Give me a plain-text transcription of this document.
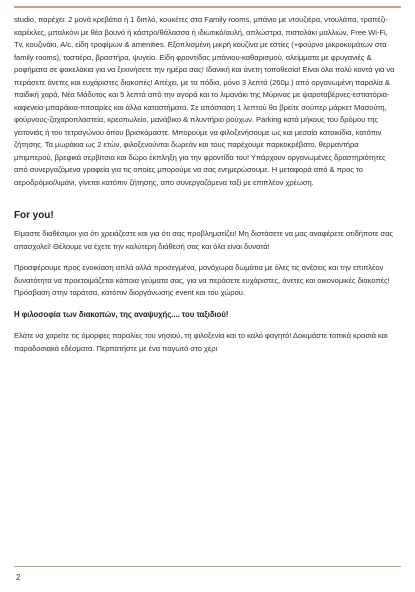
studio, παρέχει: 2 μονά κρεβάτια ή 1 διπλό, κουκέτες στα Family rooms, μπάνιο με ντουζιέρα, ντουλάπα, τραπέζι-καρέκλες, μπαλκόνι με θέα βουνό ή κάστρο/θάλασσα ή ιδιωτικό/αυλή, απλώστρα, πιστολάκι μαλλιών, Free Wi-Fi, Tv, κουζινάκι, A/c, είδη τροφίμων & amenities. Εξοπλισμένη μικρή κουζίνα με εστίες (+φούρνο μικροκυμάτων στα family rooms), τοστιέρα, βραστήρα, ψυγείο. Είδη φροντίδας μπάνιου-καθαρισμού, αλείμματα με φρυγανιές & ροφήματα σε φακελάκια για να ξεκινήσετε την ημέρα σας! Ιδανική και άνετη τοποθεσία! Είναι όλα πολύ κοντά για να περάσετε άνετες και ευχάριστες διακοπές! Απέχει, με τα πόδια, μόνο 3 λεπτά (260μ.) από οργανωμένη παραλία & παιδική χαρά, Νέα Μάδυτος και 5 λεπτά από την αγορά και το λιμανάκι της Μύρινας με ψαροταβέρνες-εστιατόρια-καφενεία-μπαράκια-πιτσαρίες και άλλα καταστήματα. Σε απόσταση 1 λεπτού θα βρείτε σούπερ μάρκετ Μασούτη, φούρνους-ζαχαροπλαστεία, κρεοπωλείο, μανάβικο & πλυντήριο ρούχων. Parking κατά μήκους του δρόμου της γειτονιάς ή του τετραγώνου όπου βρισκόμαστε. Μπορούμε να φιλοξενήσουμε ως και μεσαία κατοικίδια, κατόπιν ζήτησης. Τα μωράκια ως 2 ετών, φιλοξενούνται δωρεάν και τους παρέχουμε παρκοκρέβατο, θερμαντήρα μπιμπερού, βρεφικά σερβίτσια και δώρο έκπληξη για την φροντίδα του! Υπάρχουν οργανωμένες δραστηριότητες από συνεργαζόμενα γραφεία για τις οποίες μπορούμε να σας ενημερώσουμε. Η μεταφορά από & προς το αεροδρόμιο/λιμάνι, γίνεται κατόπιν ζήτησης, απο συνεργαζόμενα ταξί με επιπλέον χρέωση.

For you!

Είμαστε διαθέσιμοι για ότι χρειάζεστε και για ότι σας προβληματίζει! Μη διστάσετε να μας αναφέρετε οτιδήποτε σας απασχολεί! Θέλουμε να έχετε την καλύτερη διάθεσή σας και όλα είναι δυνατά!

Προσφέρουμε προς ενοικίαση απλά αλλά προσεγμένα, μονόχωρα δωμάτια με όλες τις ανέσεις και την επιπλέον δυνατότητα να προετοιμάζεται κάποια γεύματα σας, για να περάσετε ευχάριστες, άνετες και οικονομικές διακοπές! Πρόσβαση στην ταράτσα, κατόπιν διοργάνωσης event και του χώρου.

Η φιλοσοφία των διακοπών, της αναψυχής.... του ταξιδιού!

Ελάτε να χαρείτε τις όμορφες παραλίες του νησιού, τη φιλοξενία και το καλό φαγητό! Δοκιμάστε τοπικά κρασιά και παραδοσιακά εδέσματα. Περπατήστε με ένα παγωτό στο χέρι

2
